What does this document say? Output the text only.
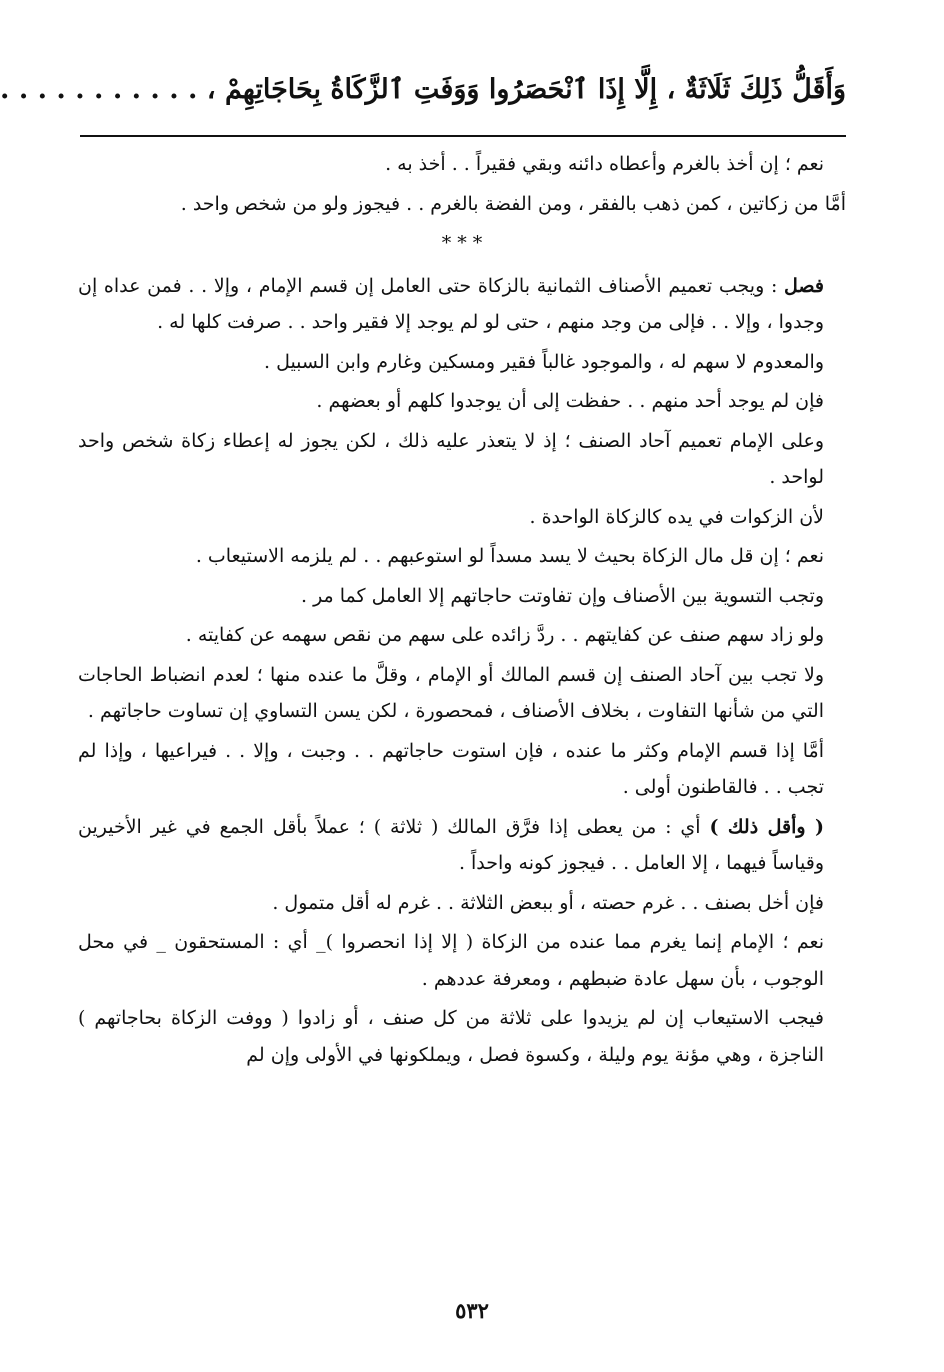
وَأَقَلُّ ذَلِكَ ثَلَاثَةٌ ، إِلَّا إِذَا ٱنْحَصَرُوا وَوَفَتِ ٱلزَّكَاةُ بِحَاجَاتِهِمْ ، . . . . . . . . . . .

نعم ؛ إن أخذ بالغرم وأعطاه دائنه وبقي فقيراً . . أخذ به .

أمَّا من زكاتين ، كمن ذهب بالفقر ، ومن الفضة بالغرم . . فيجوز ولو من شخص واحد .

* * *

فصل : ويجب تعميم الأصناف الثمانية بالزكاة حتى العامل إن قسم الإمام ، وإلا . . فمن عداه إن وجدوا ، وإلا . . فإلى من وجد منهم ، حتى لو لم يوجد إلا فقير واحد . . صرفت كلها له .

والمعدوم لا سهم له ، والموجود غالباً فقير ومسكين وغارم وابن السبيل .

فإن لم يوجد أحد منهم . . حفظت إلى أن يوجدوا كلهم أو بعضهم .

وعلى الإمام تعميم آحاد الصنف ؛ إذ لا يتعذر عليه ذلك ، لكن يجوز له إعطاء زكاة شخص واحد لواحد .

لأن الزكوات في يده كالزكاة الواحدة .

نعم ؛ إن قل مال الزكاة بحيث لا يسد مسداً لو استوعبهم . . لم يلزمه الاستيعاب .

وتجب التسوية بين الأصناف وإن تفاوتت حاجاتهم إلا العامل كما مر .

ولو زاد سهم صنف عن كفايتهم . . ردَّ زائده على سهم من نقص سهمه عن كفايته .

ولا تجب بين آحاد الصنف إن قسم المالك أو الإمام ، وقلَّ ما عنده منها ؛ لعدم انضباط الحاجات التي من شأنها التفاوت ، بخلاف الأصناف ، فمحصورة ، لكن يسن التساوي إن تساوت حاجاتهم .

أمَّا إذا قسم الإمام وكثر ما عنده ، فإن استوت حاجاتهم . . وجبت ، وإلا . . فيراعيها ، وإذا لم تجب . . فالقاطنون أولى .

( وأقل ذلك ) أي : من يعطى إذا فرَّق المالك ( ثلاثة ) ؛ عملاً بأقل الجمع في غير الأخيرين وقياساً فيهما ، إلا العامل . . فيجوز كونه واحداً .

فإن أخل بصنف . . غرم حصته ، أو ببعض الثلاثة . . غرم له أقل متمول .

نعم ؛ الإمام إنما يغرم مما عنده من الزكاة ( إلا إذا انحصروا )_ أي : المستحقون _ في محل الوجوب ، بأن سهل عادة ضبطهم ، ومعرفة عددهم .

فيجب الاستيعاب إن لم يزيدوا على ثلاثة من كل صنف ، أو زادوا ( ووفت الزكاة بحاجاتهم ) الناجزة ، وهي مؤنة يوم وليلة ، وكسوة فصل ، ويملكونها في الأولى وإن لم

٥٣٢
